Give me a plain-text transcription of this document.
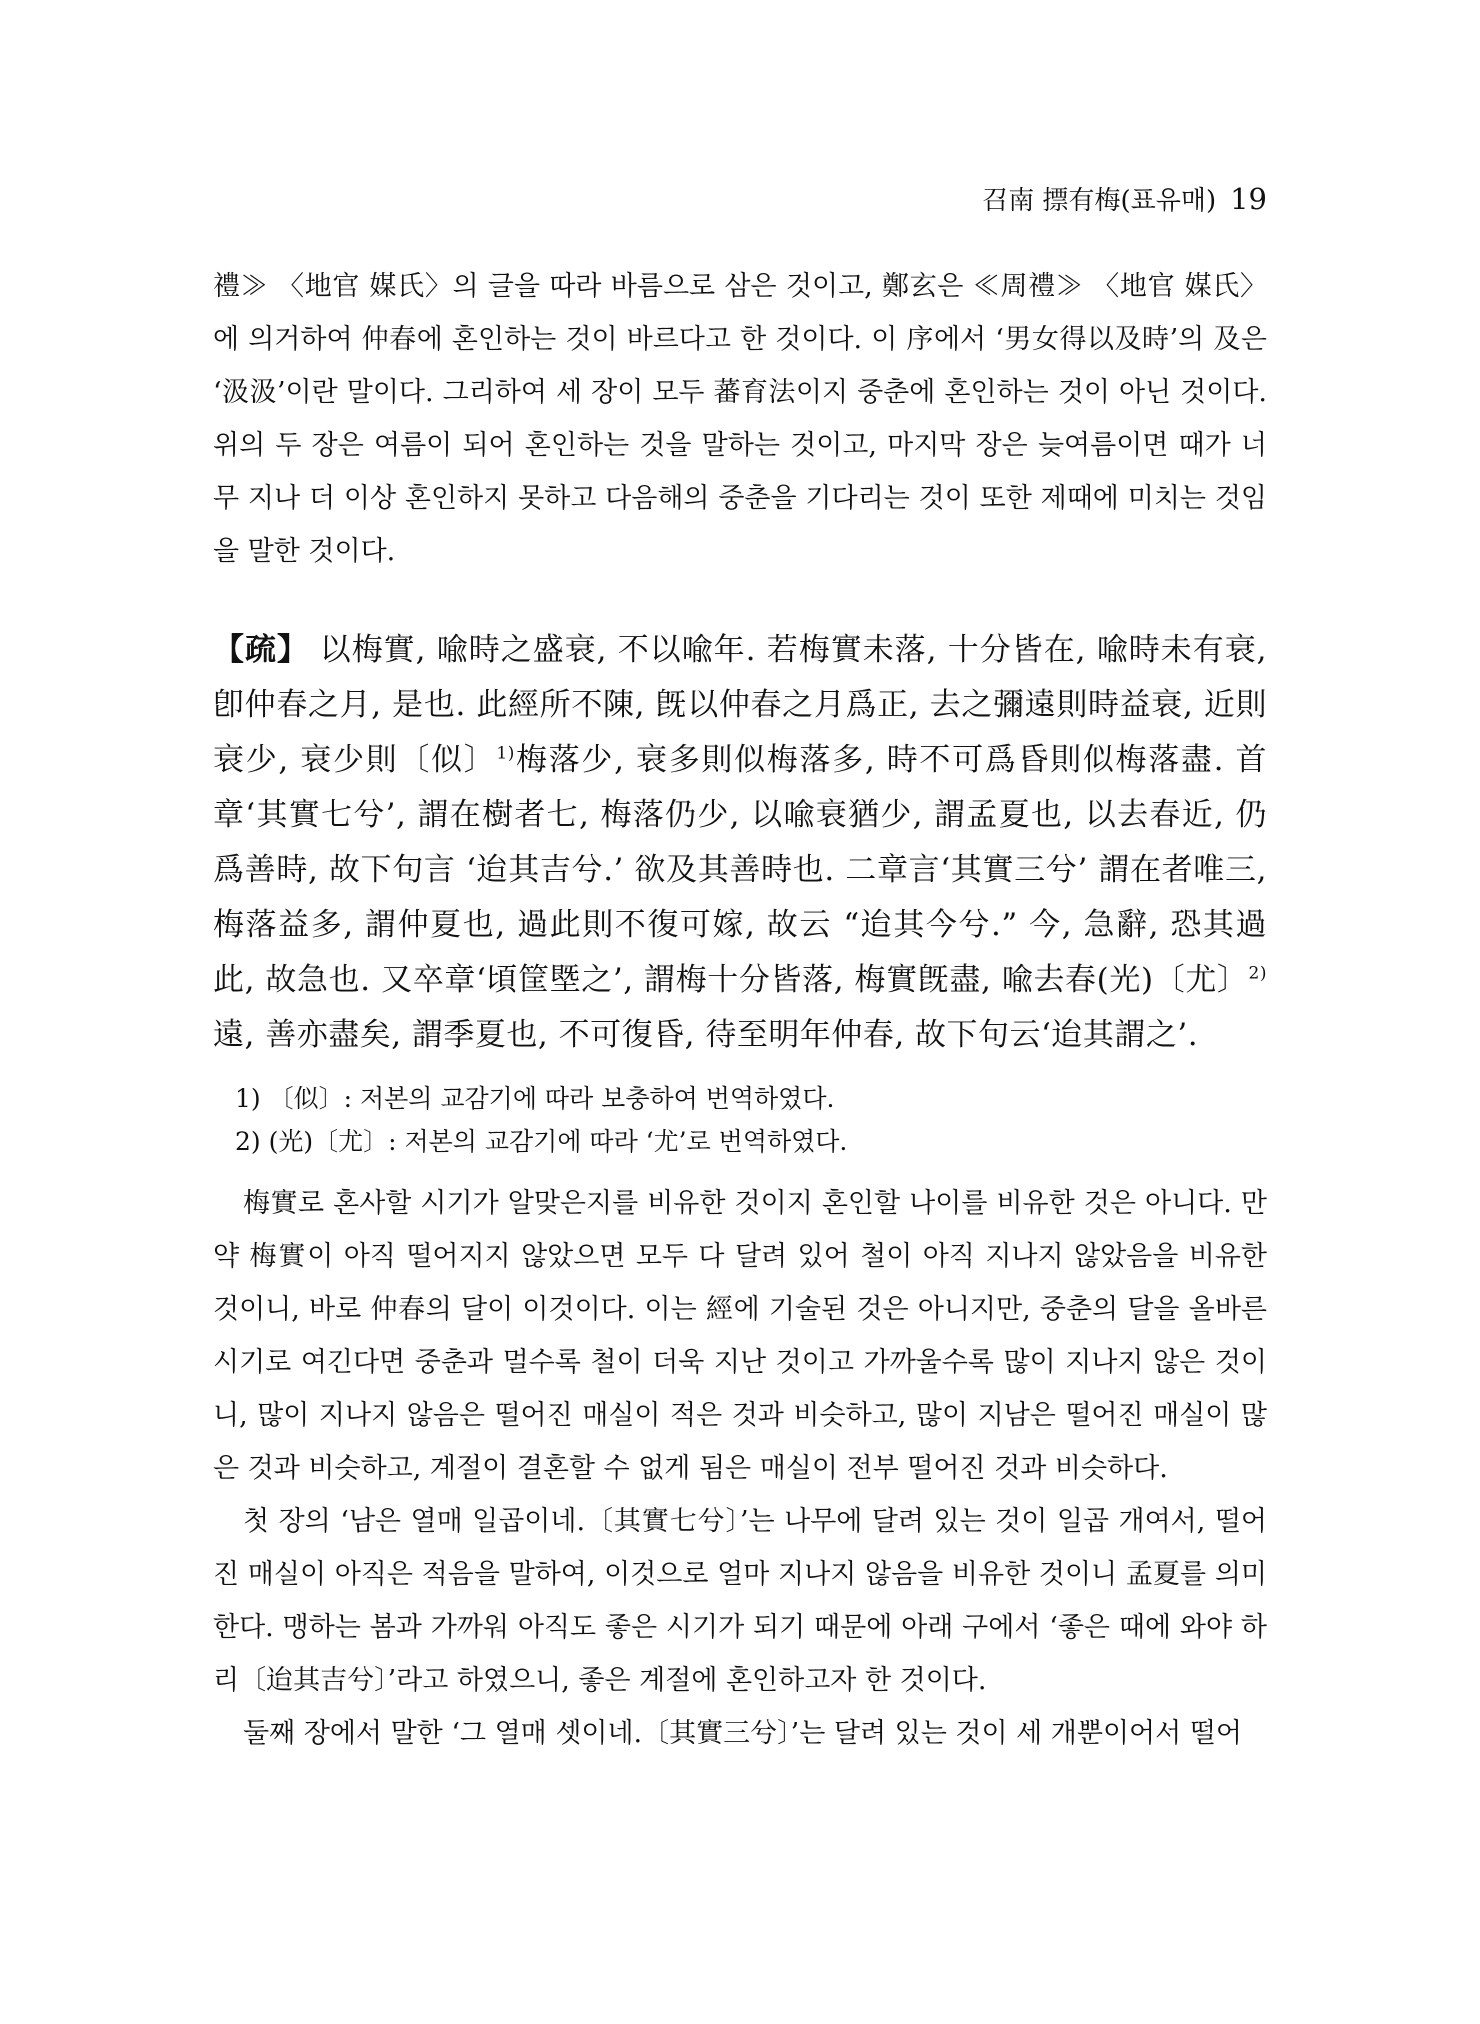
召南 摽有梅(표유매) 19

禮≫ 〈地官 媒氏〉의 글을 따라 바름으로 삼은 것이고, 鄭玄은 ≪周禮≫ 〈地官 媒氏〉에 의거하여 仲春에 혼인하는 것이 바르다고 한 것이다. 이 序에서 ‘男女得以及時’의 及은 ‘汲汲’이란 말이다. 그리하여 세 장이 모두 蕃育法이지 중춘에 혼인하는 것이 아닌 것이다. 위의 두 장은 여름이 되어 혼인하는 것을 말하는 것이고, 마지막 장은 늦여름이면 때가 너무 지나 더 이상 혼인하지 못하고 다음해의 중춘을 기다리는 것이 또한 제때에 미치는 것임을 말한 것이다.

【疏】 以梅實, 喩時之盛衰, 不以喩年. 若梅實未落, 十分皆在, 喩時未有衰, 卽仲春之月, 是也. 此經所不陳, 旣以仲春之月爲正, 去之彌遠則時益衰, 近則衰少, 衰少則〔似〕$^{1)}$梅落少, 衰多則似梅落多, 時不可爲昏則似梅落盡. 首章‘其實七兮’, 謂在樹者七, 梅落仍少, 以喩衰猶少, 謂孟夏也, 以去春近, 仍爲善時, 故下句言 ‘迨其吉兮.’ 欲及其善時也. 二章言‘其實三兮’ 謂在者唯三, 梅落益多, 謂仲夏也, 過此則不復可嫁, 故云 “迨其今兮.” 今, 急辭, 恐其過此, 故急也. 又卒章‘頃筐塈之’, 謂梅十分皆落, 梅實旣盡, 喩去春(光)〔尤〕$^{2)}$遠, 善亦盡矣, 謂季夏也, 不可復昏, 待至明年仲春, 故下句云‘迨其謂之’.

1) 〔似〕: 저본의 교감기에 따라 보충하여 번역하였다.

2) (光)〔尤〕: 저본의 교감기에 따라 ‘尤’로 번역하였다.

梅實로 혼사할 시기가 알맞은지를 비유한 것이지 혼인할 나이를 비유한 것은 아니다. 만약 梅實이 아직 떨어지지 않았으면 모두 다 달려 있어 철이 아직 지나지 않았음을 비유한 것이니, 바로 仲春의 달이 이것이다. 이는 經에 기술된 것은 아니지만, 중춘의 달을 올바른 시기로 여긴다면 중춘과 멀수록 철이 더욱 지난 것이고 가까울수록 많이 지나지 않은 것이니, 많이 지나지 않음은 떨어진 매실이 적은 것과 비슷하고, 많이 지남은 떨어진 매실이 많은 것과 비슷하고, 계절이 결혼할 수 없게 됨은 매실이 전부 떨어진 것과 비슷하다.

첫 장의 ‘남은 열매 일곱이네.〔其實七兮〕’는 나무에 달려 있는 것이 일곱 개여서, 떨어진 매실이 아직은 적음을 말하여, 이것으로 얼마 지나지 않음을 비유한 것이니 孟夏를 의미한다. 맹하는 봄과 가까워 아직도 좋은 시기가 되기 때문에 아래 구에서 ‘좋은 때에 와야 하리〔迨其吉兮〕’라고 하였으니, 좋은 계절에 혼인하고자 한 것이다.

둘째 장에서 말한 ‘그 열매 셋이네.〔其實三兮〕’는 달려 있는 것이 세 개뿐이어서 떨어
